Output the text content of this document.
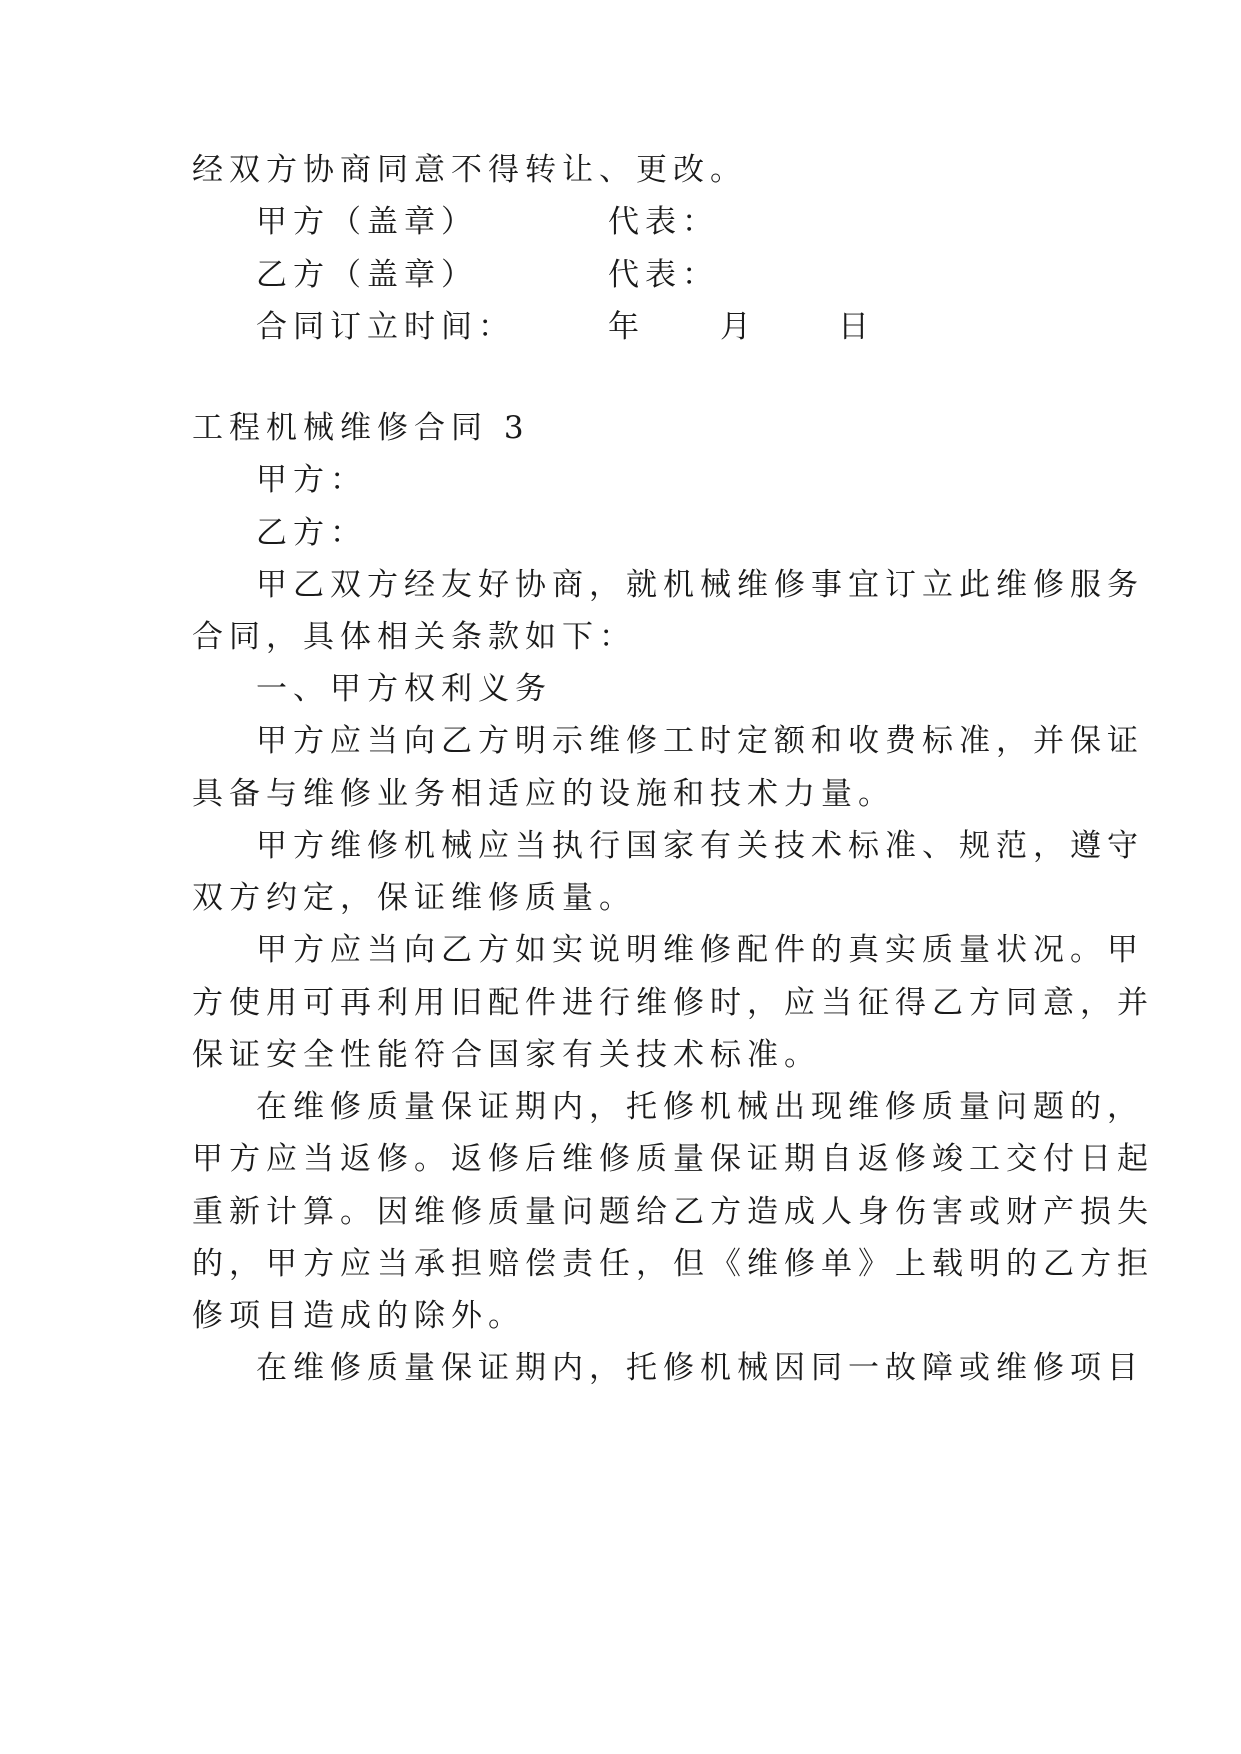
经双方协商同意不得转让、更改。
甲方（盖章）	代表：
乙方（盖章）	代表：
合同订立时间：	年 月	日
工程机械维修合同 3
甲方：
乙方：
甲乙双方经友好协商，就机械维修事宜订立此维修服务
合同，具体相关条款如下：
一、甲方权利义务
甲方应当向乙方明示维修工时定额和收费标准，并保证
具备与维修业务相适应的设施和技术力量。
甲方维修机械应当执行国家有关技术标准、规范，遵守
双方约定，保证维修质量。
甲方应当向乙方如实说明维修配件的真实质量状况。甲
方使用可再利用旧配件进行维修时，应当征得乙方同意，并
保证安全性能符合国家有关技术标准。
在维修质量保证期内，托修机械出现维修质量问题的，
甲方应当返修。返修后维修质量保证期自返修竣工交付日起
重新计算。因维修质量问题给乙方造成人身伤害或财产损失
的，甲方应当承担赔偿责任，但《维修单》上载明的乙方拒
修项目造成的除外。
在维修质量保证期内，托修机械因同一故障或维修项目
